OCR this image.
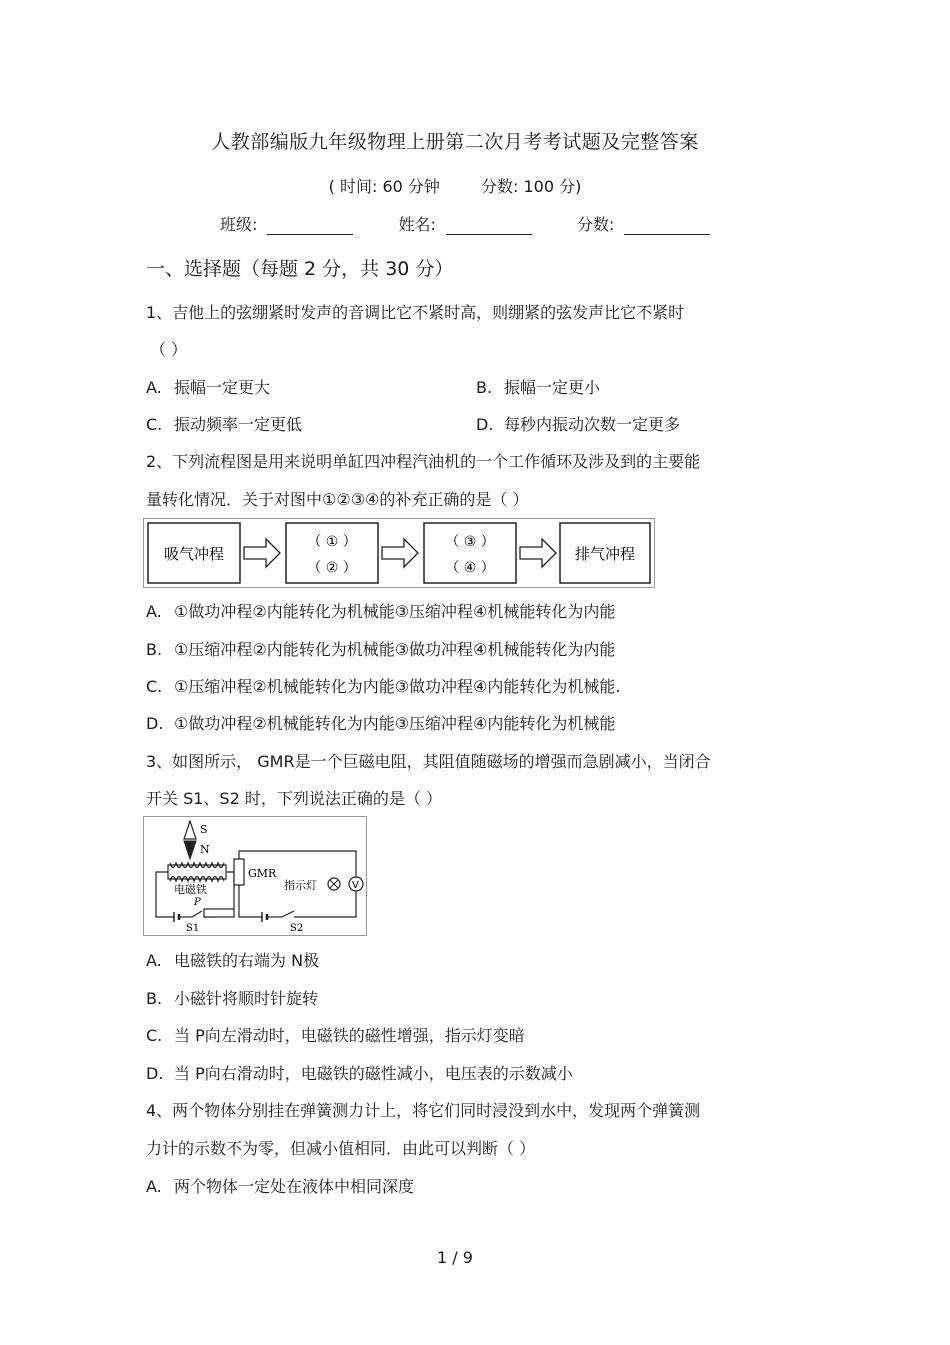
人教部编版九年级物理上册第二次月考考试题及完整答案
( 时间: 60 分钟	分数: 100 分)
班级:	姓名:	分数:
一、选择题（每题 2 分，共 30 分）
1、吉他上的弦绷紧时发声的音调比它不紧时高，则绷紧的弦发声比它不紧时
（ ）
A. 振幅一定更大	B. 振幅一定更小
C. 振动频率一定更低	D. 每秒内振动次数一定更多
2、下列流程图是用来说明单缸四冲程汽油机的一个工作循环及涉及到的主要能
量转化情况．关于对图中①②③④的补充正确的是（ ）
吸气冲程
（ ① ）
（ ② ）
（ ③ ）
（ ④ ）
排气冲程
A. ①做功冲程②内能转化为机械能③压缩冲程④机械能转化为内能
B. ①压缩冲程②内能转化为机械能③做功冲程④机械能转化为内能
C. ①压缩冲程②机械能转化为内能③做功冲程④内能转化为机械能.
D. ①做功冲程②机械能转化为内能③压缩冲程④内能转化为机械能
3、如图所示， GMR是一个巨磁电阻，其阻值随磁场的增强而急剧减小，当闭合
开关 S1、S2 时，下列说法正确的是（ ）
S
N
电磁铁
P
S1
GMR
S2
指示灯	V
A. 电磁铁的右端为 N极
B. 小磁针将顺时针旋转
C. 当 P向左滑动时，电磁铁的磁性增强，指示灯变暗
D. 当 P向右滑动时，电磁铁的磁性减小，电压表的示数减小
4、两个物体分别挂在弹簧测力计上，将它们同时浸没到水中，发现两个弹簧测
力计的示数不为零，但减小值相同．由此可以判断（ ）
A. 两个物体一定处在液体中相同深度
1 / 9
